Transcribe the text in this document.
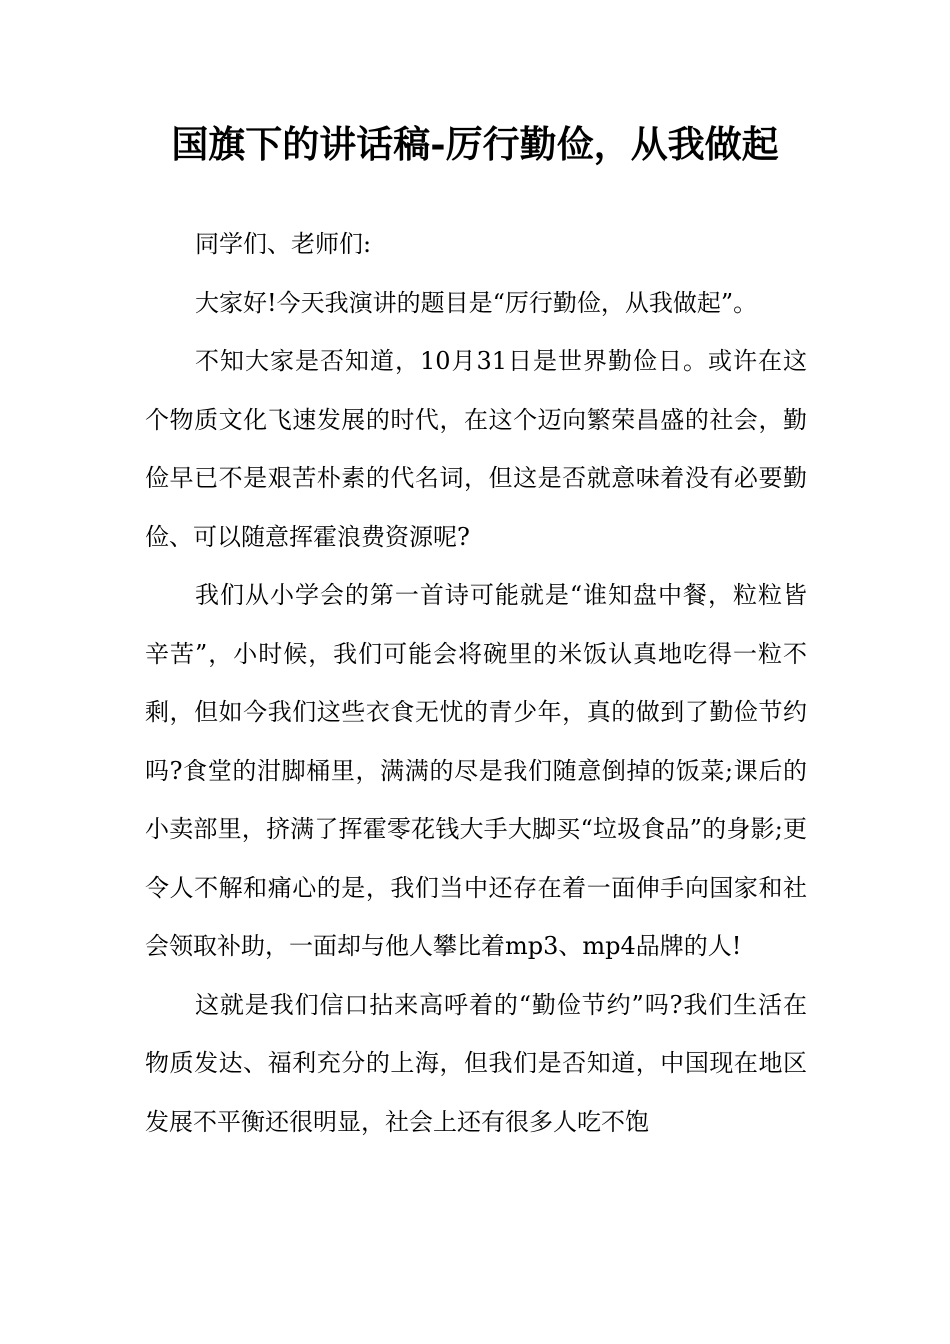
国旗下的讲话稿-厉行勤俭，从我做起

同学们、老师们:

大家好!今天我演讲的题目是“厉行勤俭，从我做起”。

不知大家是否知道，10月31日是世界勤俭日。或许在这个物质文化飞速发展的时代，在这个迈向繁荣昌盛的社会，勤俭早已不是艰苦朴素的代名词，但这是否就意味着没有必要勤俭、可以随意挥霍浪费资源呢?

我们从小学会的第一首诗可能就是“谁知盘中餐，粒粒皆辛苦”，小时候，我们可能会将碗里的米饭认真地吃得一粒不剩，但如今我们这些衣食无忧的青少年，真的做到了勤俭节约吗?食堂的泔脚桶里，满满的尽是我们随意倒掉的饭菜;课后的小卖部里，挤满了挥霍零花钱大手大脚买“垃圾食品”的身影;更令人不解和痛心的是，我们当中还存在着一面伸手向国家和社会领取补助，一面却与他人攀比着mp3、mp4品牌的人!

这就是我们信口拈来高呼着的“勤俭节约”吗?我们生活在物质发达、福利充分的上海，但我们是否知道，中国现在地区发展不平衡还很明显，社会上还有很多人吃不饱
